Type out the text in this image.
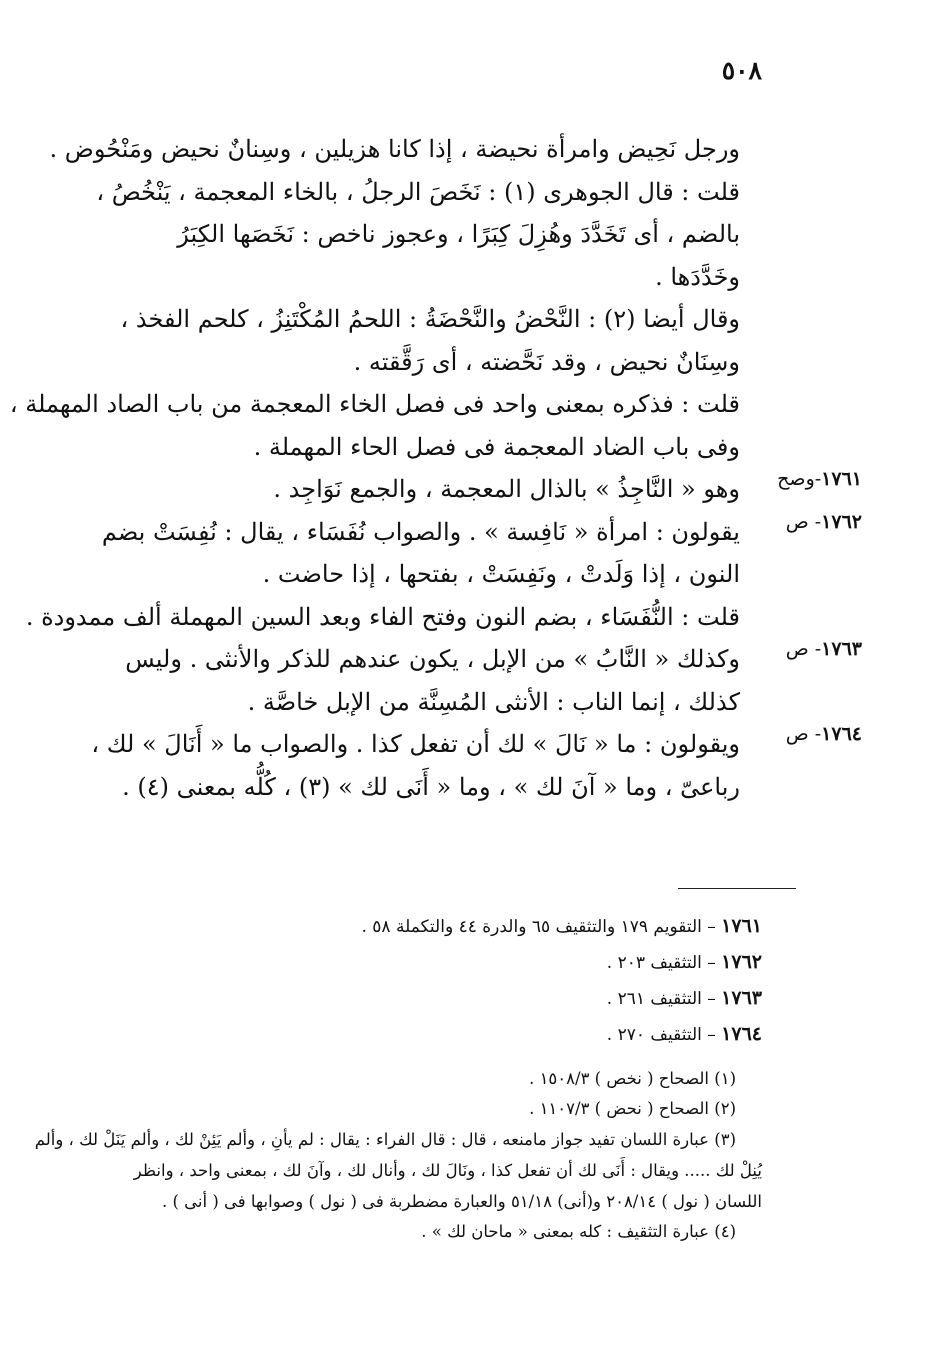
٥٠٨
ورجل نَحِيض وامرأة نحيضة ، إذا كانا هزيلين ، وسِنانٌ نحيض ومَنْحُوض .
قلت : قال الجوهرى (١) : نَخَصَ الرجلُ ، بالخاء المعجمة ، يَنْخُصُ ،
بالضم ، أى تَخَدَّدَ وهُزِلَ كِبَرًا ، وعجوز ناخص : نَخَصَها الكِبَرُ
وخَدَّدَها .
وقال أيضا (٢) : النَّحْضُ والنَّحْضَةُ : اللحمُ المُكْتَنِزُ ، كلحم الفخذ ،
وسِنَانٌ نحيض ، وقد نَحَّضته ، أى رَقَّقته .
قلت : فذكره بمعنى واحد فى فصل الخاء المعجمة من باب الصاد المهملة ،
وفى باب الضاد المعجمة فى فصل الحاء المهملة .
١٧٦١-وص‍ح
وهو « النَّاجِذُ » بالذال المعجمة ، والجمع نَوَاجِد .
١٧٦٢- ص
يقولون : امرأة « نَافِسة » . والصواب نُفَسَاء ، يقال : نُفِسَتْ بضم
النون ، إذا وَلَدتْ ، ونَفِسَتْ ، بفتحها ، إذا حاضت .
قلت : النُّفَسَاء ، بضم النون وفتح الفاء وبعد السين المهملة ألف ممدودة .
١٧٦٣- ص
وكذلك « النَّابُ » من الإبل ، يكون عندهم للذكر والأنثى . وليس
كذلك ، إنما الناب : الأنثى المُسِنَّة من الإبل خاصَّة .
١٧٦٤- ص
ويقولون : ما « نَالَ » لك أن تفعل كذا . والصواب ما « أَنَالَ » لك ،
رباعىّ ، وما « آنَ لك » ، وما « أَنَى لك » (٣) ، كُلُّه بمعنى (٤) .
١٧٦١ – التقويم ١٧٩ والتثقيف ٦٥ والدرة ٤٤ والتكملة ٥٨ .
١٧٦٢ – التثقيف ٢٠٣ .
١٧٦٣ – التثقيف ٢٦١ .
١٧٦٤ – التثقيف ٢٧٠ .
(١) الصحاح ( نخص ) ١٥٠٨/٣ .
(٢) الصحاح ( نحض ) ١١٠٧/٣ .
(٣) عبارة اللسان تفيد جواز مامنعه ، قال : قال الفراء : يقال : لم يأنِ ، وألم يَئِنْ لك ، وألم يَنَلْ لك ، وألم
يُنِلْ لك ..... ويقال : أَنَى لك أن تفعل كذا ، ونَالَ لك ، وأنال لك ، وآنَ لك ، بمعنى واحد ، وانظر
اللسان ( نول ) ٢٠٨/١٤ و(أنى) ٥١/١٨ والعبارة مضطربة فى ( نول ) وصوابها فى ( أنى ) .
(٤) عبارة التثقيف : كله بمعنى « ماحان لك » .
